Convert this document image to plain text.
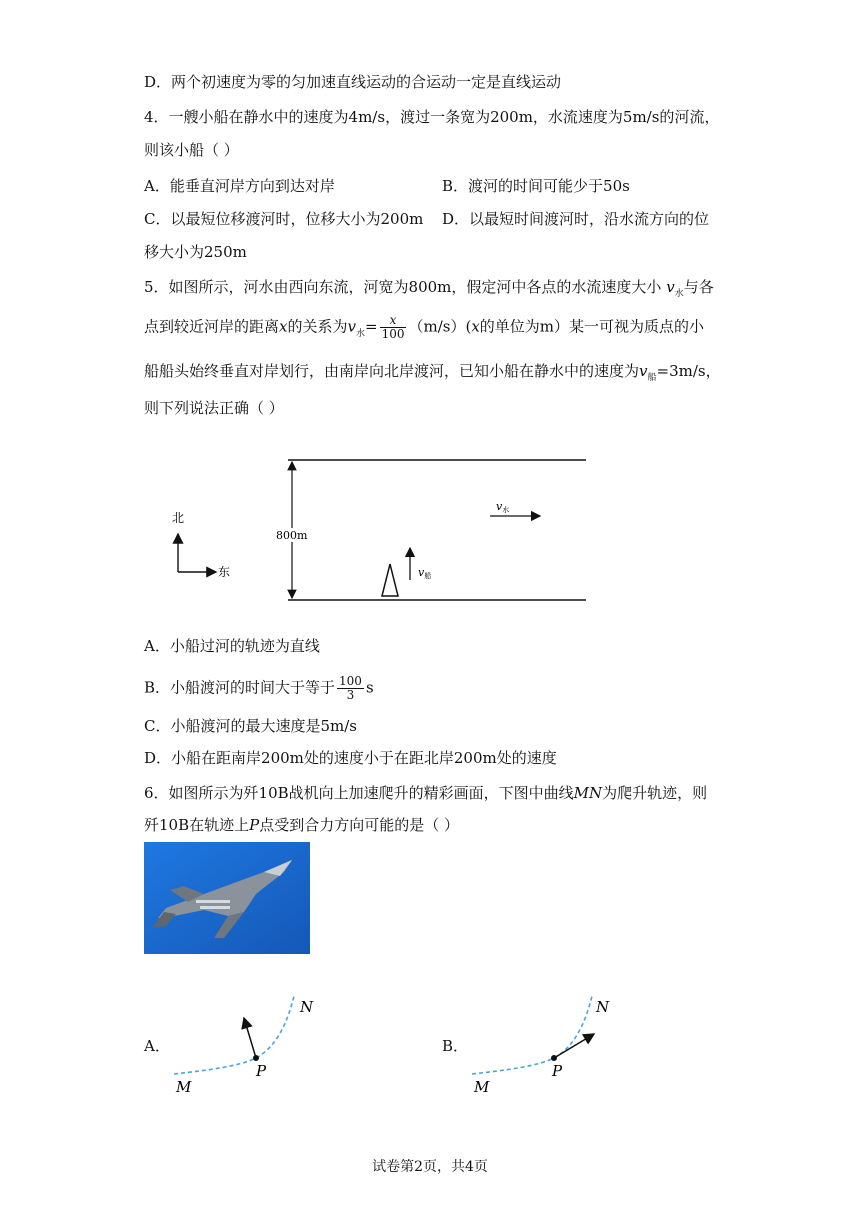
D．两个初速度为零的匀加速直线运动的合运动一定是直线运动
4．一艘小船在静水中的速度为4m/s，渡过一条宽为200m，水流速度为5m/s的河流，
则该小船（ ）
A．能垂直河岸方向到达对岸	B．渡河的时间可能少于50s
C．以最短位移渡河时，位移大小为200m D．以最短时间渡河时，沿水流方向的位
移大小为250m
5．如图所示，河水由西向东流，河宽为800m，假定河中各点的水流速度大小 $v_水$与各
点到较近河岸的距离x的关系为$v_水= \frac{x}{100} (m/s)(x$的单位为m）某一可视为质点的小
船船头始终垂直对岸划行，由南岸向北岸渡河，已知小船在静水中的速度为$v_船=3m/s$，
则下列说法正确（ ）
北
东
800m
v水
v船
A．小船过河的轨迹为直线
B．小船渡河的时间大于等于 $\frac{100}{3}$ s
C．小船渡河的最大速度是5m/s
D．小船在距南岸200m处的速度小于在距北岸200m处的速度
6．如图所示为歼10B战机向上加速爬升的精彩画面，下图中曲线MN为爬升轨迹，则
歼10B在轨迹上P点受到合力方向可能的是（ ）
A．
M
N
P
B．
M
N
P
试卷第2页，共4页
